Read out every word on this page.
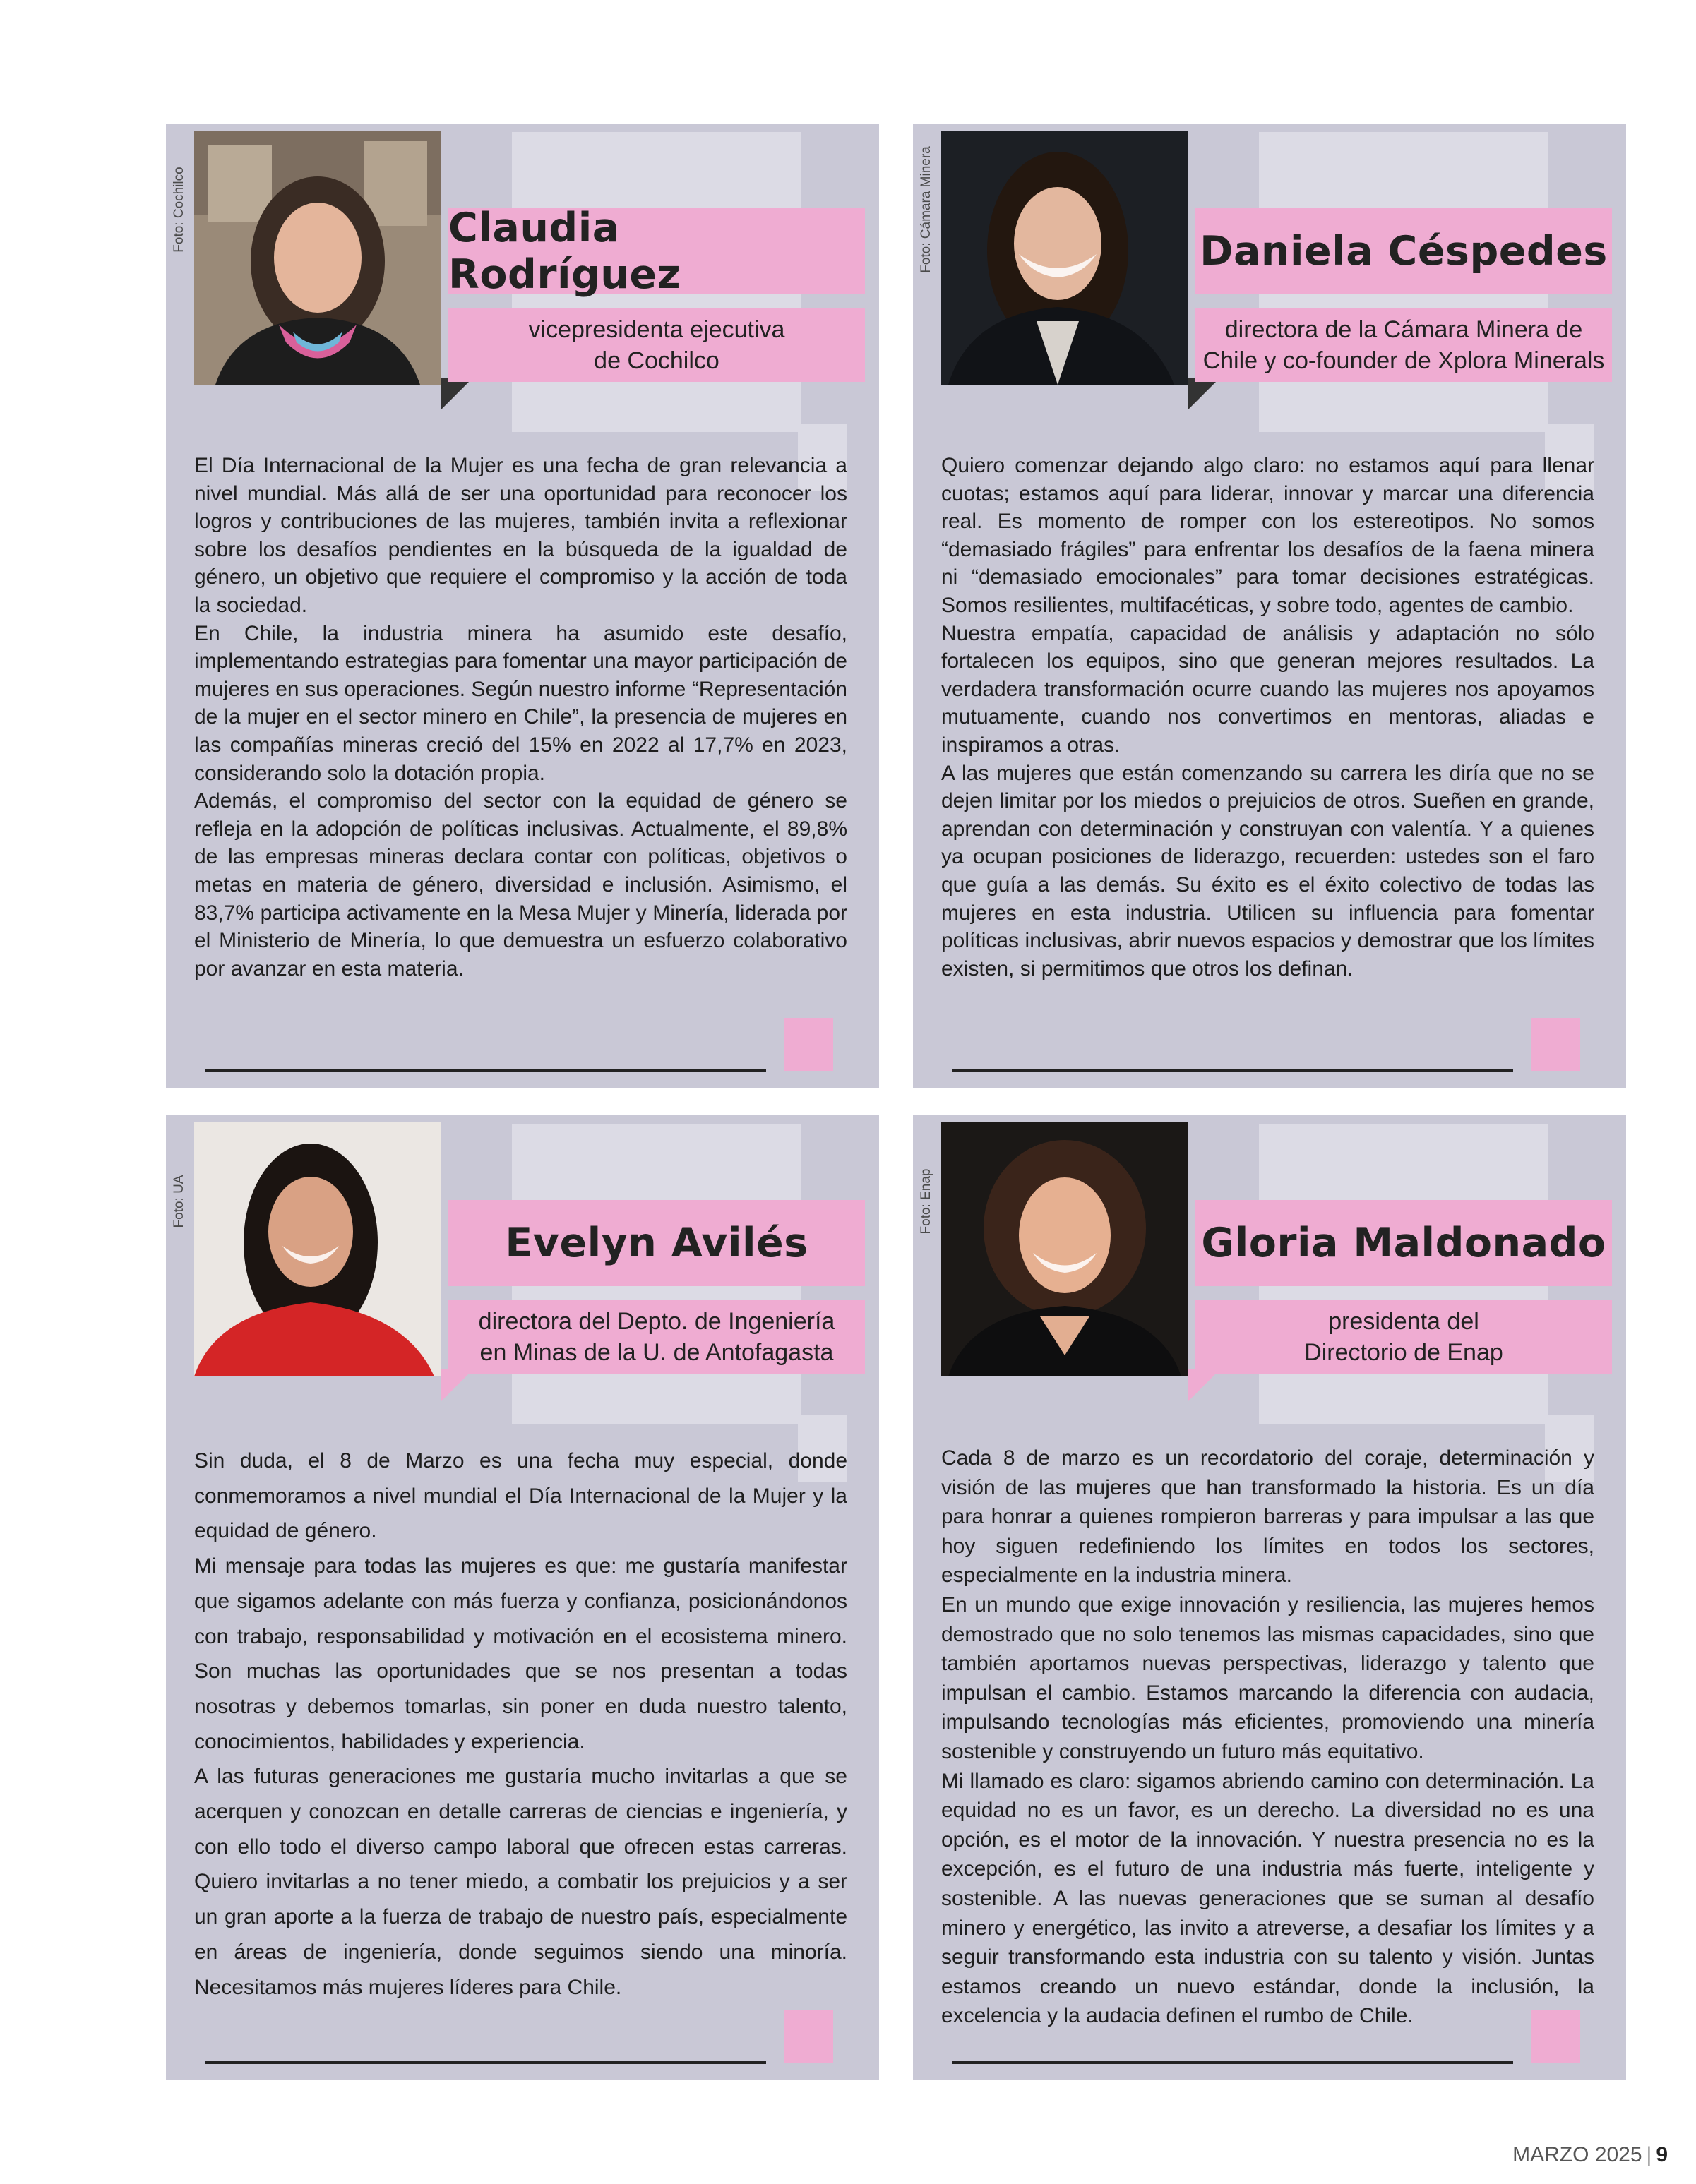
Foto: Cochilco	Claudia Rodríguez
vicepresidenta ejecutiva
de Cochilco

El Día Internacional de la Mujer es una fecha de gran relevancia a nivel mundial. Más allá de ser una oportunidad para reconocer los logros y contribuciones de las mujeres, también invita a reflexionar sobre los desafíos pendientes en la búsqueda de la igualdad de género, un objetivo que requiere el compromiso y la acción de toda la sociedad.

En Chile, la industria minera ha asumido este desafío, implementando estrategias para fomentar una mayor participación de mujeres en sus operaciones. Según nuestro informe “Representación de la mujer en el sector minero en Chile”, la presencia de mujeres en las compañías mineras creció del 15% en 2022 al 17,7% en 2023, considerando solo la dotación propia.

Además, el compromiso del sector con la equidad de género se refleja en la adopción de políticas inclusivas. Actualmente, el 89,8% de las empresas mineras declara contar con políticas, objetivos o metas en materia de género, diversidad e inclusión. Asimismo, el 83,7% participa activamente en la Mesa Mujer y Minería, liderada por el Ministerio de Minería, lo que demuestra un esfuerzo colaborativo por avanzar en esta materia.

Foto: Cámara Minera	Daniela Céspedes
directora de la Cámara Minera de
Chile y co-founder de Xplora Minerals

Quiero comenzar dejando algo claro: no estamos aquí para llenar cuotas; estamos aquí para liderar, innovar y marcar una diferencia real. Es momento de romper con los estereotipos. No somos “demasiado frágiles” para enfrentar los desafíos de la faena minera ni “demasiado emocionales” para tomar decisiones estratégicas. Somos resilientes, multifacéticas, y sobre todo, agentes de cambio.

Nuestra empatía, capacidad de análisis y adaptación no sólo fortalecen los equipos, sino que generan mejores resultados. La verdadera transformación ocurre cuando las mujeres nos apoyamos mutuamente, cuando nos convertimos en mentoras, aliadas e inspiramos a otras.

A las mujeres que están comenzando su carrera les diría que no se dejen limitar por los miedos o prejuicios de otros. Sueñen en grande, aprendan con determinación y construyan con valentía. Y a quienes ya ocupan posiciones de liderazgo, recuerden: ustedes son el faro que guía a las demás. Su éxito es el éxito colectivo de todas las mujeres en esta industria. Utilicen su influencia para fomentar políticas inclusivas, abrir nuevos espacios y demostrar que los límites existen, si permitimos que otros los definan.

Foto: UA
Evelyn Avilés
directora del Depto. de Ingeniería
en Minas de la U. de Antofagasta

Sin duda, el 8 de Marzo es una fecha muy especial, donde conmemoramos a nivel mundial el Día Internacional de la Mujer y la equidad de género.

Mi mensaje para todas las mujeres es que: me gustaría manifestar que sigamos adelante con más fuerza y confianza, posicionándonos con trabajo, responsabilidad y motivación en el ecosistema minero. Son muchas las oportunidades que se nos presentan a todas nosotras y debemos tomarlas, sin poner en duda nuestro talento, conocimientos, habilidades y experiencia.

A las futuras generaciones me gustaría mucho invitarlas a que se acerquen y conozcan en detalle carreras de ciencias e ingeniería, y con ello todo el diverso campo laboral que ofrecen estas carreras. Quiero invitarlas a no tener miedo, a combatir los prejuicios y a ser un gran aporte a la fuerza de trabajo de nuestro país, especialmente en áreas de ingeniería, donde seguimos siendo una minoría. Necesitamos más mujeres líderes para Chile.

Foto: Enap
Gloria Maldonado
presidenta del
Directorio de Enap

Cada 8 de marzo es un recordatorio del coraje, determinación y visión de las mujeres que han transformado la historia. Es un día para honrar a quienes rompieron barreras y para impulsar a las que hoy siguen redefiniendo los límites en todos los sectores, especialmente en la industria minera.

En un mundo que exige innovación y resiliencia, las mujeres hemos demostrado que no solo tenemos las mismas capacidades, sino que también aportamos nuevas perspectivas, liderazgo y talento que impulsan el cambio. Estamos marcando la diferencia con audacia, impulsando tecnologías más eficientes, promoviendo una minería sostenible y construyendo un futuro más equitativo.

Mi llamado es claro: sigamos abriendo camino con determinación. La equidad no es un favor, es un derecho. La diversidad no es una opción, es el motor de la innovación. Y nuestra presencia no es la excepción, es el futuro de una industria más fuerte, inteligente y sostenible. A las nuevas generaciones que se suman al desafío minero y energético, las invito a atreverse, a desafiar los límites y a seguir transformando esta industria con su talento y visión. Juntas estamos creando un nuevo estándar, donde la inclusión, la excelencia y la audacia definen el rumbo de Chile.

MARZO 2025 | 9
